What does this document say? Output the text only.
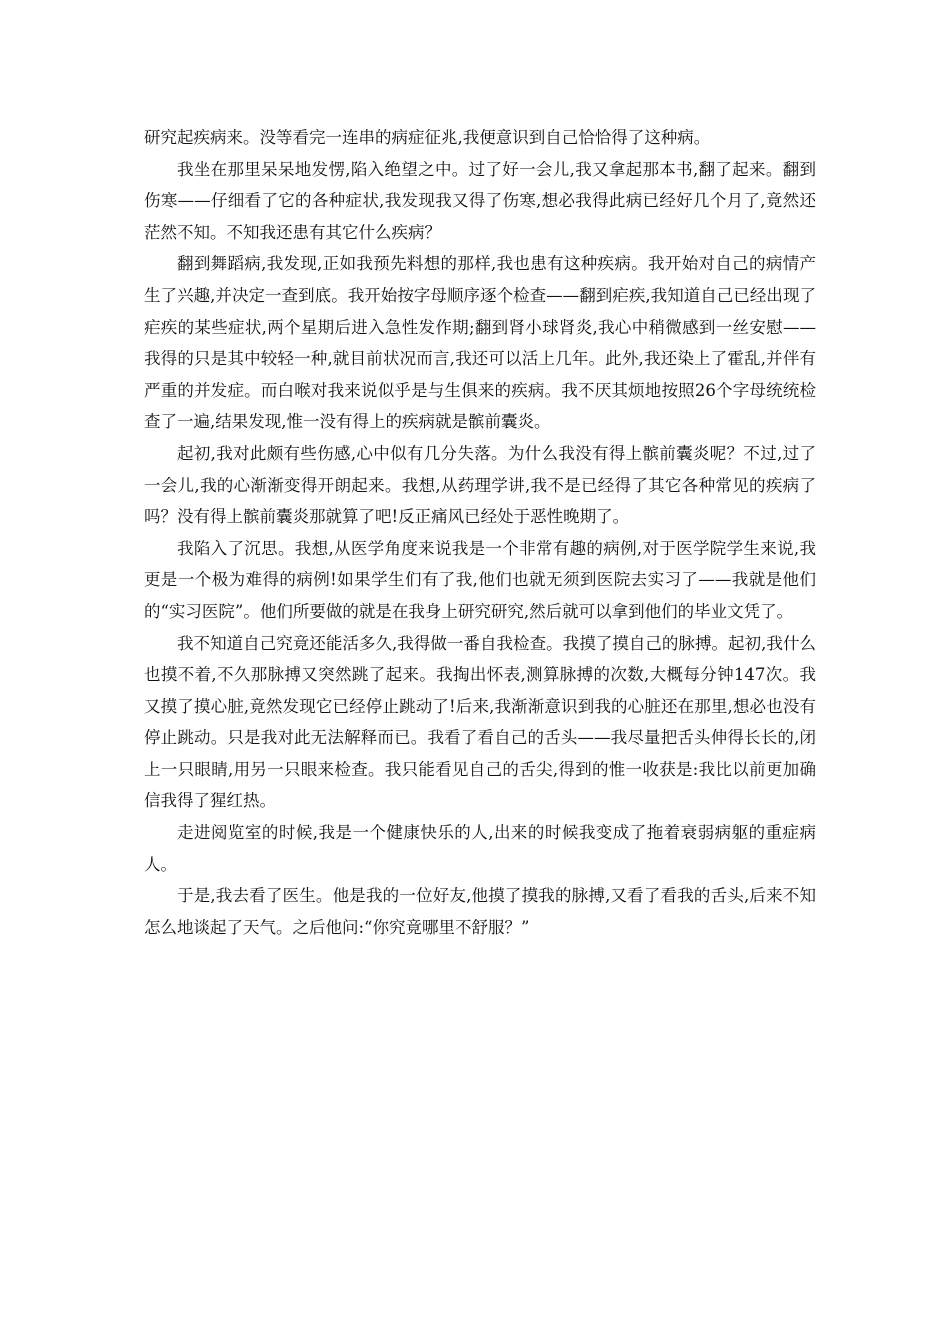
研究起疾病来。没等看完一连串的病症征兆,我便意识到自己恰恰得了这种病。

我坐在那里呆呆地发愣,陷入绝望之中。过了好一会儿,我又拿起那本书,翻了起来。翻到伤寒——仔细看了它的各种症状,我发现我又得了伤寒,想必我得此病已经好几个月了,竟然还茫然不知。不知我还患有其它什么疾病？

翻到舞蹈病,我发现,正如我预先料想的那样,我也患有这种疾病。我开始对自己的病情产生了兴趣,并决定一查到底。我开始按字母顺序逐个检查——翻到疟疾,我知道自己已经出现了疟疾的某些症状,两个星期后进入急性发作期;翻到肾小球肾炎,我心中稍微感到一丝安慰——我得的只是其中较轻一种,就目前状况而言,我还可以活上几年。此外,我还染上了霍乱,并伴有严重的并发症。而白喉对我来说似乎是与生俱来的疾病。我不厌其烦地按照26个字母统统检查了一遍,结果发现,惟一没有得上的疾病就是髌前囊炎。

起初,我对此颇有些伤感,心中似有几分失落。为什么我没有得上髌前囊炎呢？不过,过了一会儿,我的心渐渐变得开朗起来。我想,从药理学讲,我不是已经得了其它各种常见的疾病了吗？没有得上髌前囊炎那就算了吧!反正痛风已经处于恶性晚期了。

我陷入了沉思。我想,从医学角度来说我是一个非常有趣的病例,对于医学院学生来说,我更是一个极为难得的病例!如果学生们有了我,他们也就无须到医院去实习了——我就是他们的“实习医院”。他们所要做的就是在我身上研究研究,然后就可以拿到他们的毕业文凭了。

我不知道自己究竟还能活多久,我得做一番自我检查。我摸了摸自己的脉搏。起初,我什么也摸不着,不久那脉搏又突然跳了起来。我掏出怀表,测算脉搏的次数,大概每分钟147次。我又摸了摸心脏,竟然发现它已经停止跳动了!后来,我渐渐意识到我的心脏还在那里,想必也没有停止跳动。只是我对此无法解释而已。我看了看自己的舌头——我尽量把舌头伸得长长的,闭上一只眼睛,用另一只眼来检查。我只能看见自己的舌尖,得到的惟一收获是:我比以前更加确信我得了猩红热。

走进阅览室的时候,我是一个健康快乐的人,出来的时候我变成了拖着衰弱病躯的重症病人。

于是,我去看了医生。他是我的一位好友,他摸了摸我的脉搏,又看了看我的舌头,后来不知怎么地谈起了天气。之后他问:“你究竟哪里不舒服？”
